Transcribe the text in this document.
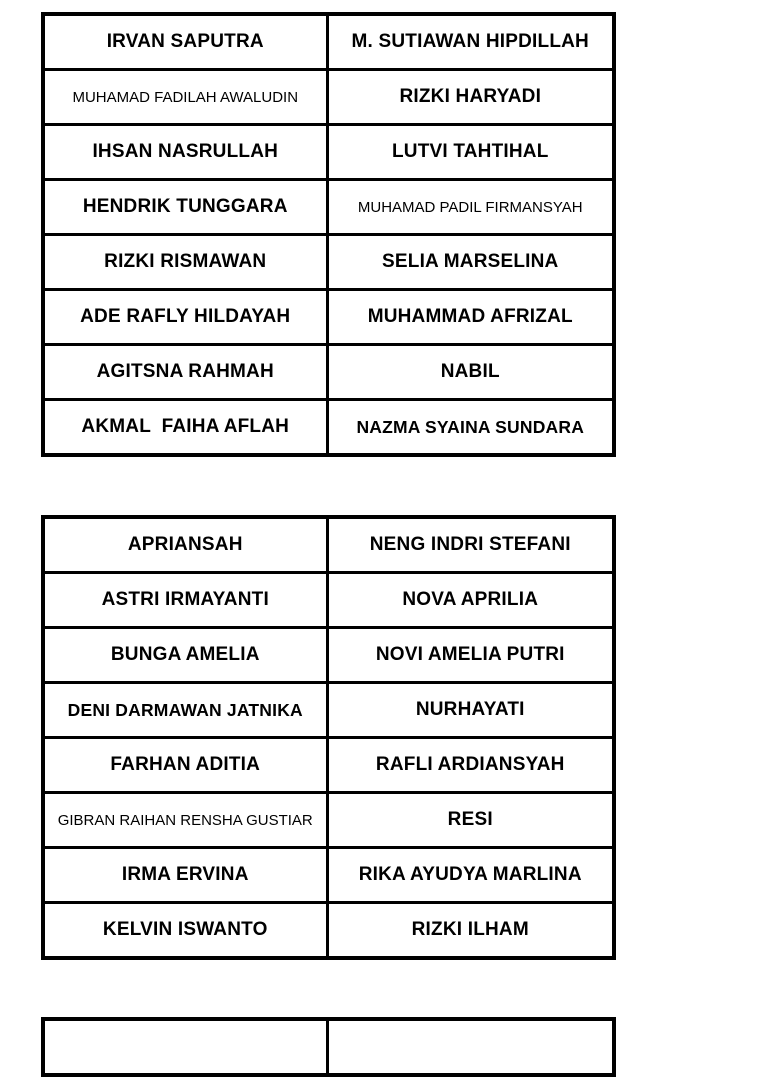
IRVAN SAPUTRA	M. SUTIAWAN HIPDILLAH
MUHAMAD FADILAH AWALUDIN	RIZKI HARYADI
IHSAN NASRULLAH	LUTVI TAHTIHAL
HENDRIK TUNGGARA	MUHAMAD PADIL FIRMANSYAH
RIZKI RISMAWAN	SELIA MARSELINA
ADE RAFLY HILDAYAH	MUHAMMAD AFRIZAL
AGITSNA RAHMAH	NABIL
AKMAL  FAIHA AFLAH	NAZMA SYAINA SUNDARA
APRIANSAH	NENG INDRI STEFANI
ASTRI IRMAYANTI	NOVA APRILIA
BUNGA AMELIA	NOVI AMELIA PUTRI
DENI DARMAWAN JATNIKA	NURHAYATI
FARHAN ADITIA	RAFLI ARDIANSYAH
GIBRAN RAIHAN RENSHA GUSTIAR	RESI
IRMA ERVINA	RIKA AYUDYA MARLINA
KELVIN ISWANTO	RIZKI ILHAM
